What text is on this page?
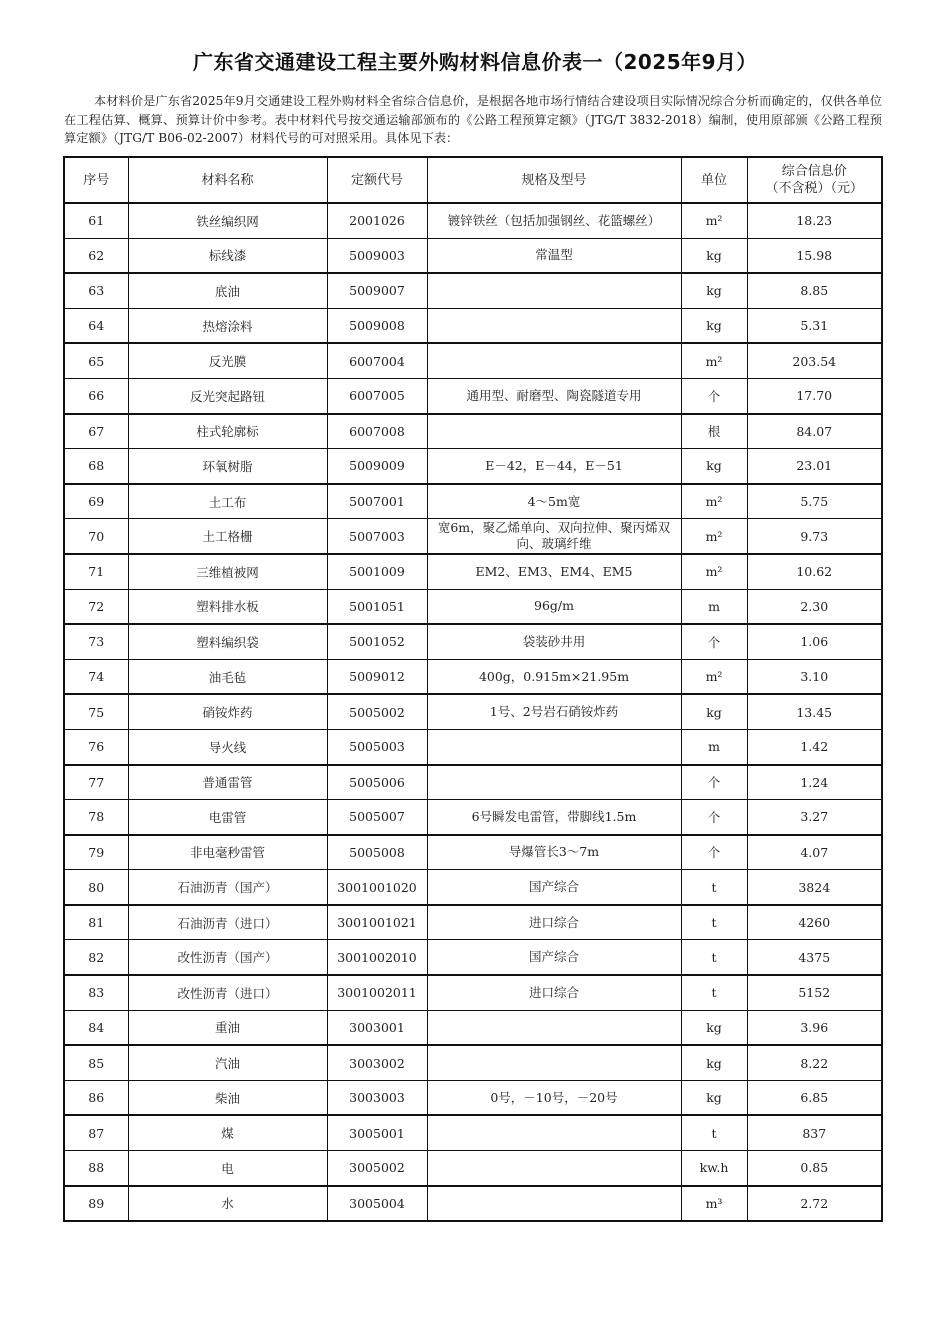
广东省交通建设工程主要外购材料信息价表一（2025年9月）
本材料价是广东省2025年9月交通建设工程外购材料全省综合信息价，是根据各地市场行情结合建设项目实际情况综合分析而确定的，仅供各单位在工程估算、概算、预算计价中参考。表中材料代号按交通运输部颁布的《公路工程预算定额》（JTG/T 3832-2018）编制，使用原部颁《公路工程预算定额》（JTG/T B06-02-2007）材料代号的可对照采用。具体见下表：
序号	材料名称	定额代号	规格及型号	单位	综合信息价
（不含税）（元）

61	铁丝编织网	2001026	镀锌铁丝（包括加强钢丝、花篮螺丝）	m²	18.23
62	标线漆	5009003	常温型	kg	15.98
63	底油	5009007		kg	8.85
64	热熔涂料	5009008		kg	5.31
65	反光膜	6007004		m²	203.54
66	反光突起路钮	6007005	通用型、耐磨型、陶瓷隧道专用	个	17.70
67	柱式轮廓标	6007008		根	84.07
68	环氧树脂	5009009	E－42，E－44，E－51	kg	23.01
69	土工布	5007001	4～5m宽	m²	5.75
70	土工格栅	5007003	宽6m，聚乙烯单向、双向拉伸、聚丙烯双向、玻璃纤维	m²	9.73
71	三维植被网	5001009	EM2、EM3、EM4、EM5	m²	10.62
72	塑料排水板	5001051	96g/m	m	2.30
73	塑料编织袋	5001052	袋装砂井用	个	1.06
74	油毛毡	5009012	400g，0.915m×21.95m	m²	3.10
75	硝铵炸药	5005002	1号、2号岩石硝铵炸药	kg	13.45
76	导火线	5005003		m	1.42
77	普通雷管	5005006		个	1.24
78	电雷管	5005007	6号瞬发电雷管，带脚线1.5m	个	3.27
79	非电毫秒雷管	5005008	导爆管长3～7m	个	4.07
80	石油沥青（国产）	3001001020	国产综合	t	3824
81	石油沥青（进口）	3001001021	进口综合	t	4260
82	改性沥青（国产）	3001002010	国产综合	t	4375
83	改性沥青（进口）	3001002011	进口综合	t	5152
84	重油	3003001		kg	3.96
85	汽油	3003002		kg	8.22
86	柴油	3003003	0号，－10号，－20号	kg	6.85
87	煤	3005001		t	837
88	电	3005002		kw.h	0.85
89	水	3005004		m³	2.72
